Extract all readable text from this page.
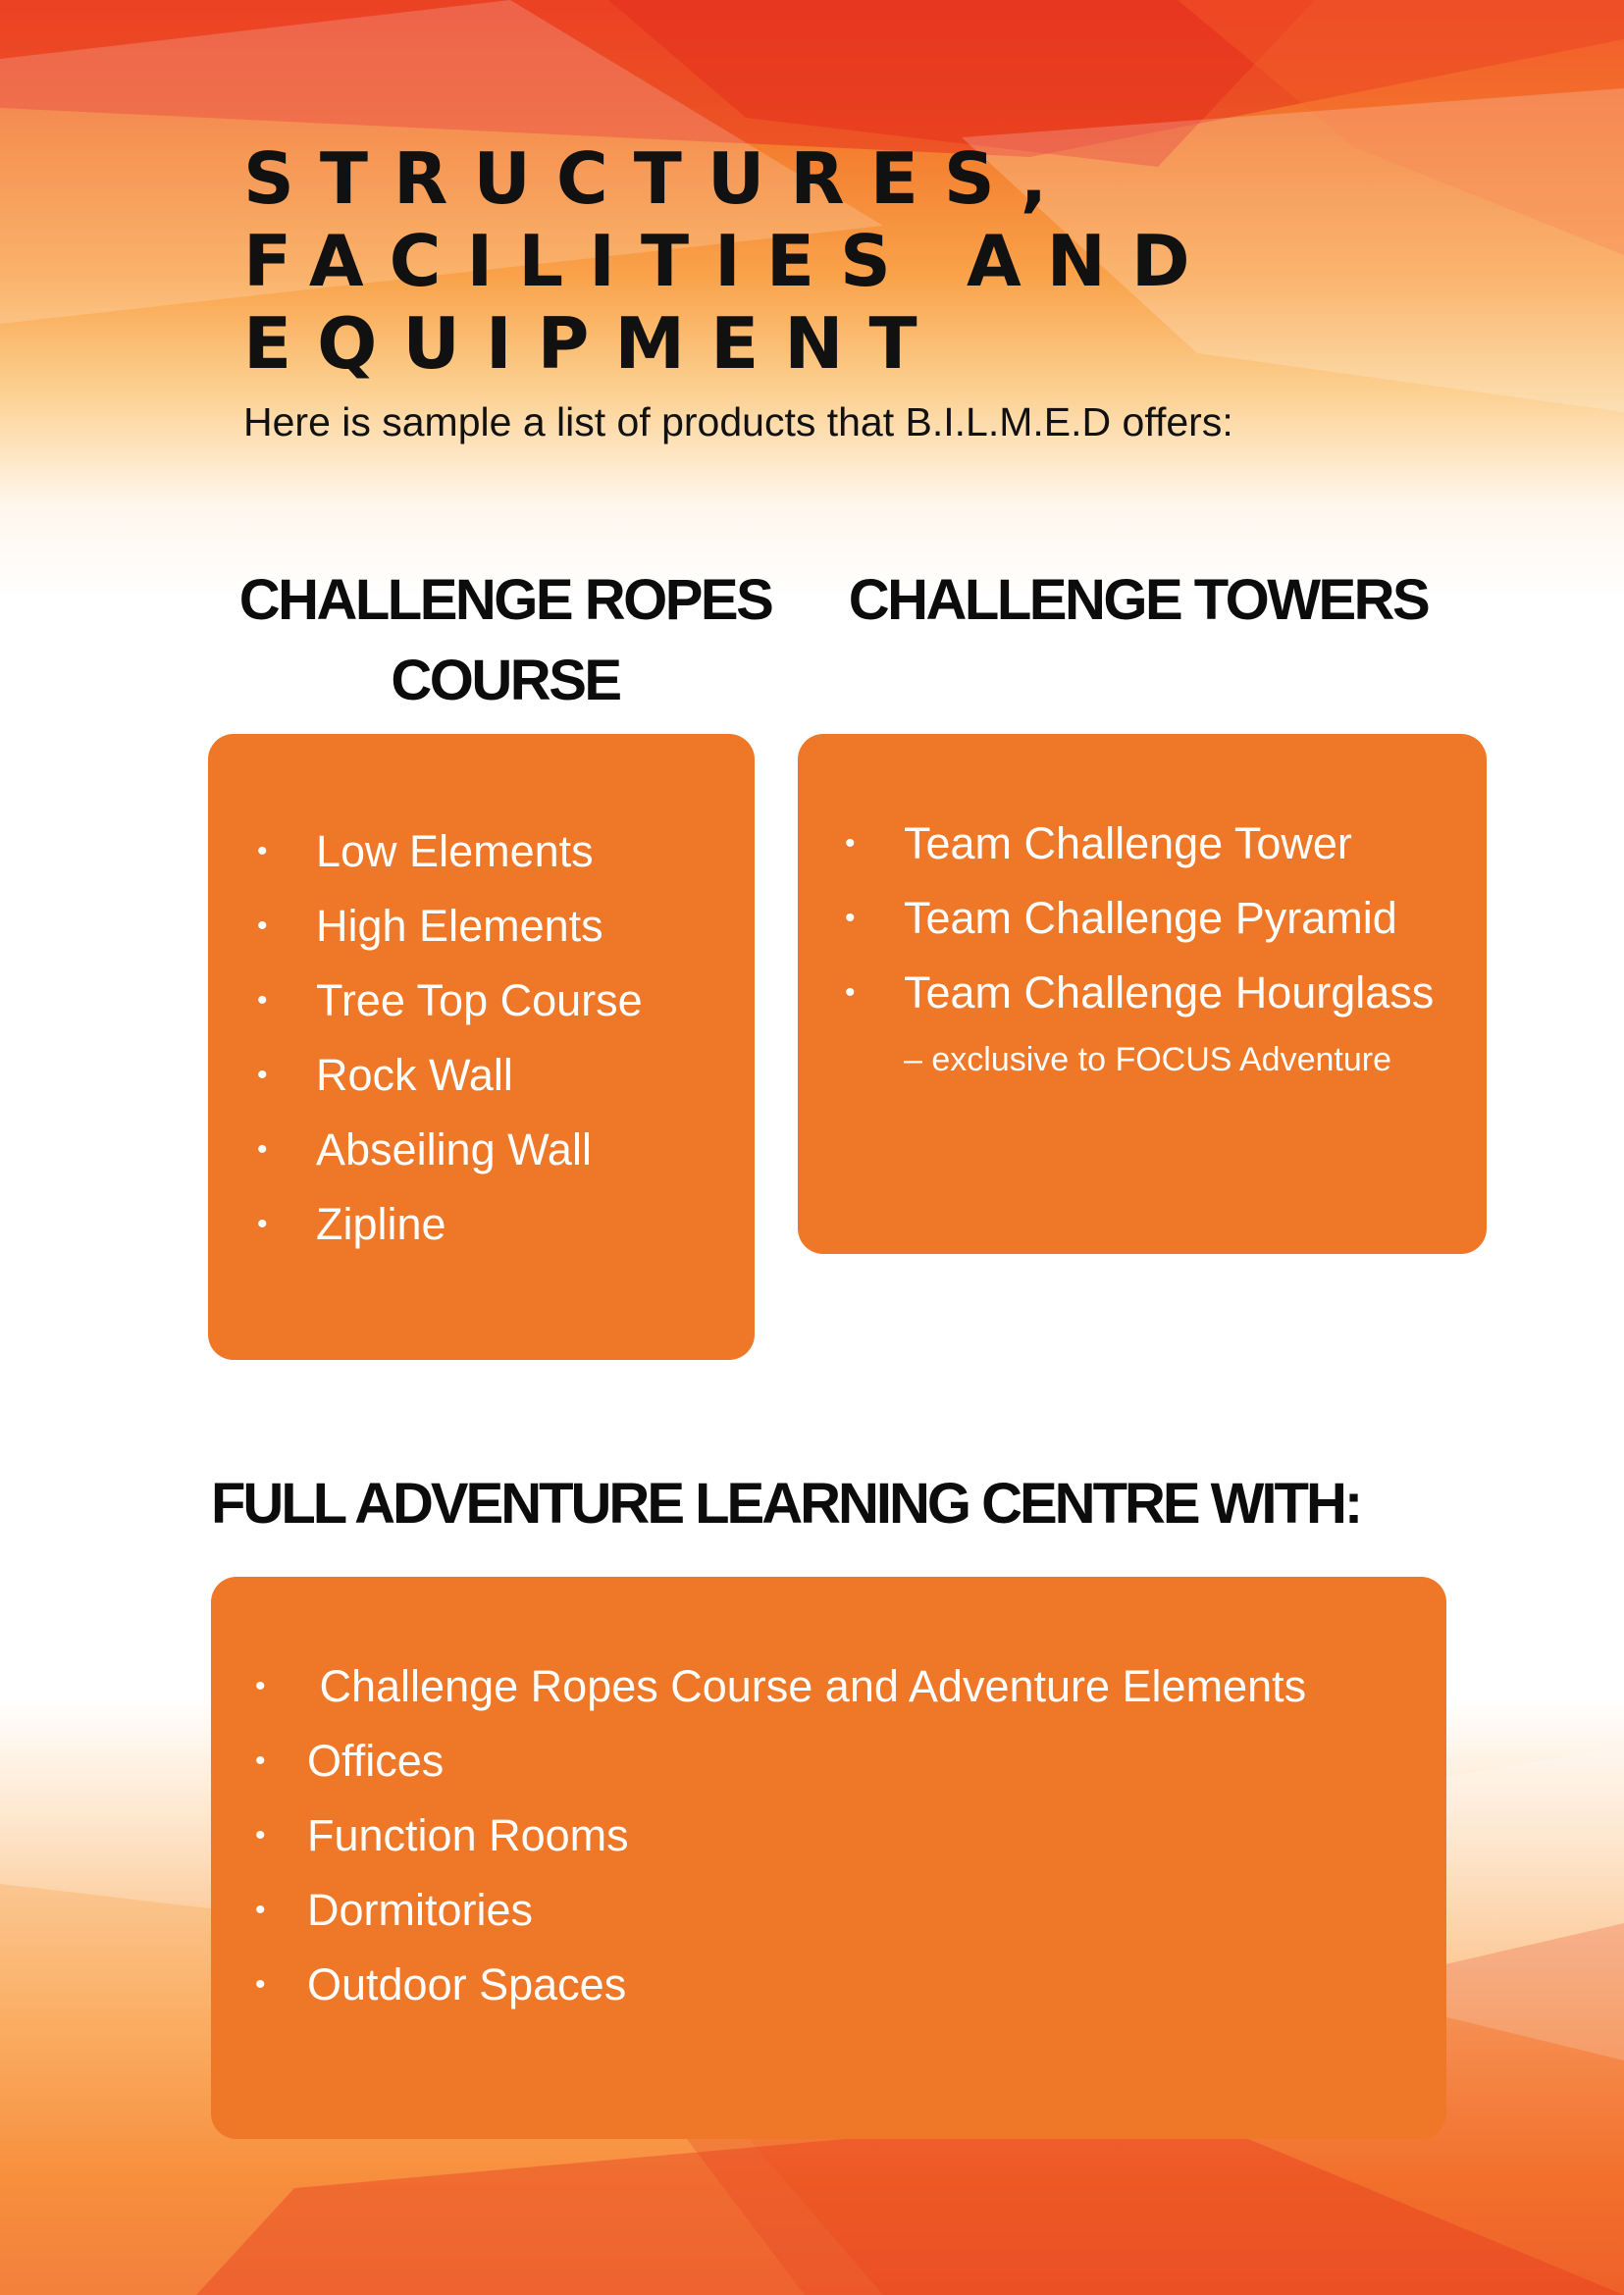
STRUCTURES,
FACILITIES AND
EQUIPMENT

Here is sample a list of products that B.I.L.M.E.D offers:

CHALLENGE ROPES COURSE
CHALLENGE TOWERS
• Low Elements
• High Elements
• Tree Top Course
• Rock Wall
• Abseiling Wall
• Zipline
• Team Challenge Tower
• Team Challenge Pyramid
• Team Challenge Hourglass
– exclusive to FOCUS Adventure
FULL ADVENTURE LEARNING CENTRE WITH:
•  Challenge Ropes Course and Adventure Elements
• Offices
• Function Rooms
• Dormitories
• Outdoor Spaces
